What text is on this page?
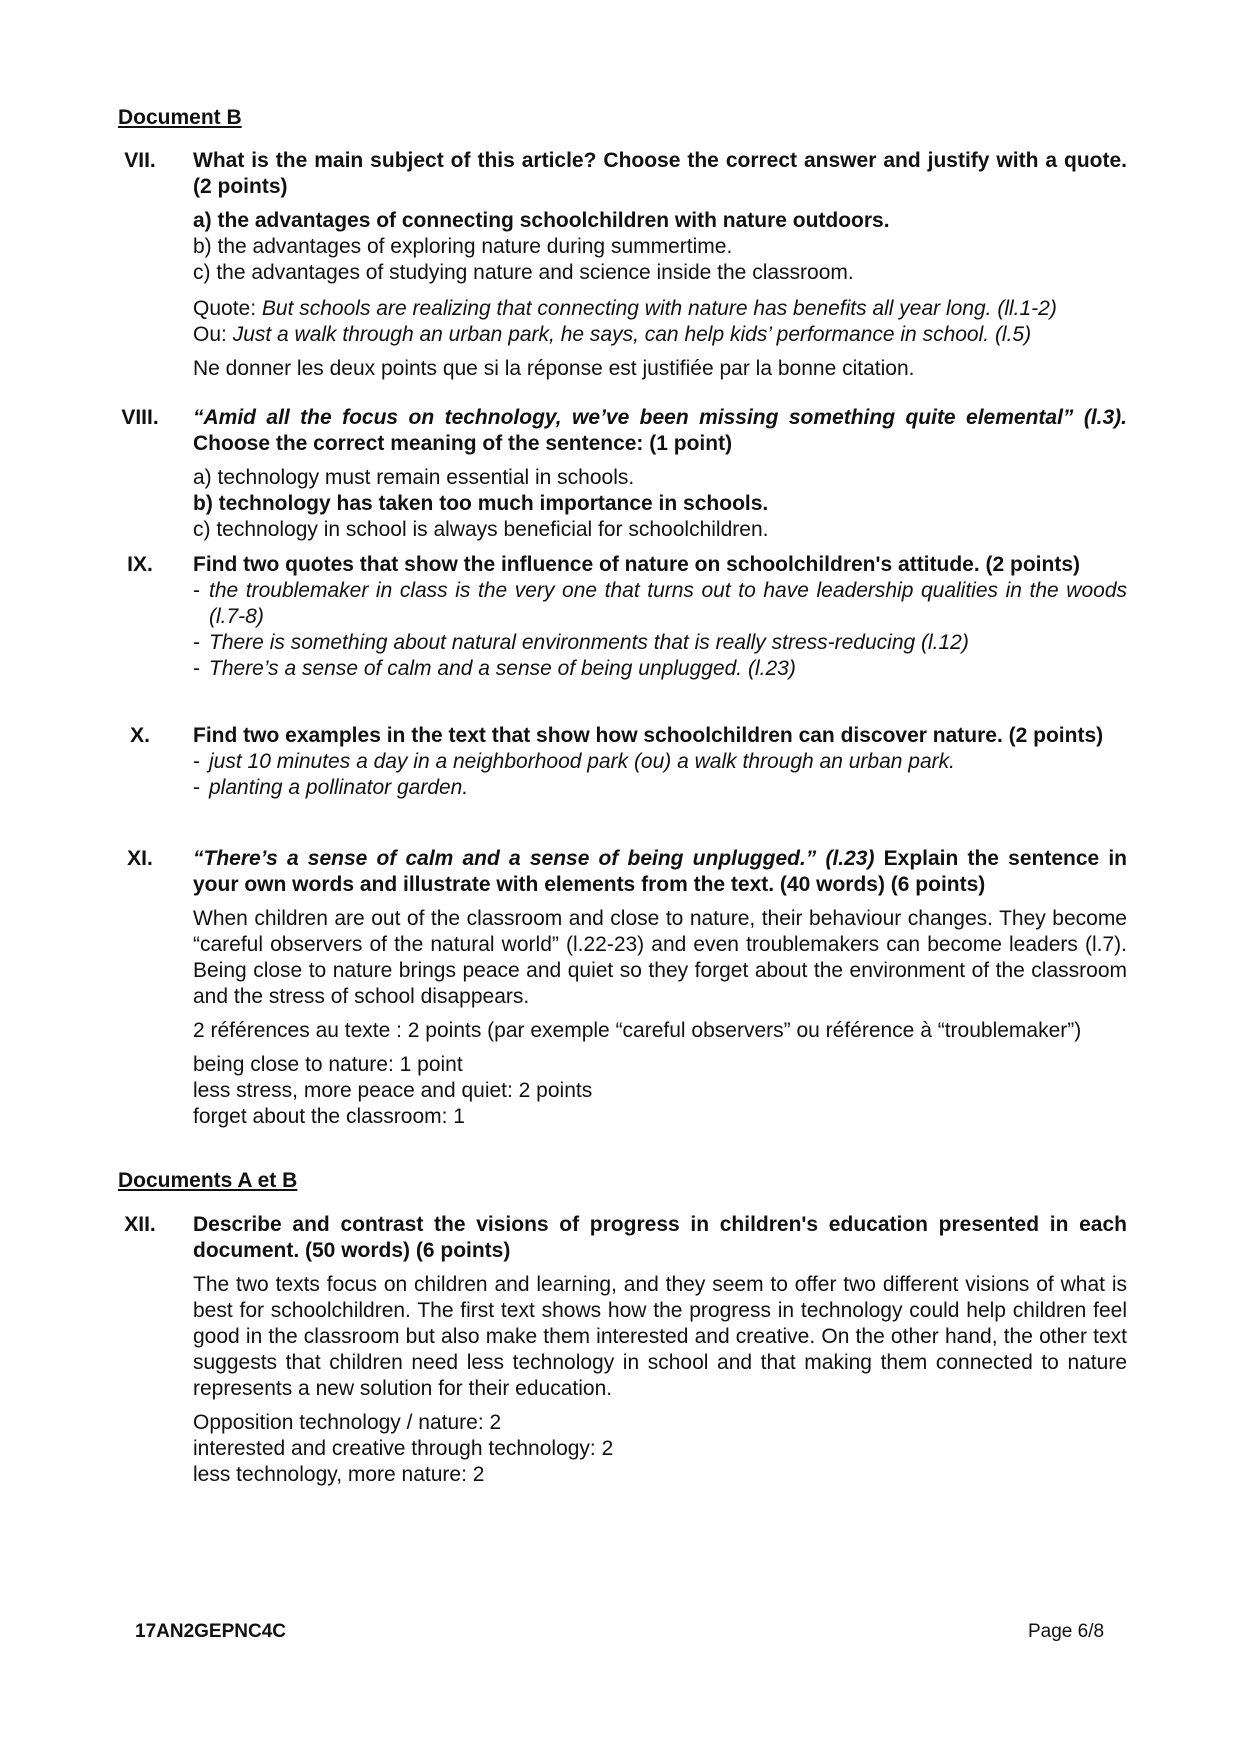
Document B
VII.	What is the main subject of this article? Choose the correct answer and justify with a quote. (2 points)
a) the advantages of connecting schoolchildren with nature outdoors.
b) the advantages of exploring nature during summertime.
c) the advantages of studying nature and science inside the classroom.
Quote: But schools are realizing that connecting with nature has benefits all year long. (ll.1-2)
Ou: Just a walk through an urban park, he says, can help kids’ performance in school. (l.5)
Ne donner les deux points que si la réponse est justifiée par la bonne citation.
VIII.	“Amid all the focus on technology, we’ve been missing something quite elemental” (l.3). Choose the correct meaning of the sentence: (1 point)
a) technology must remain essential in schools.
b) technology has taken too much importance in schools.
c) technology in school is always beneficial for schoolchildren.
IX.	Find two quotes that show the influence of nature on schoolchildren's attitude. (2 points)
- the troublemaker in class is the very one that turns out to have leadership qualities in the woods (l.7-8)
- There is something about natural environments that is really stress-reducing (l.12)
- There’s a sense of calm and a sense of being unplugged. (l.23)
X.	Find two examples in the text that show how schoolchildren can discover nature. (2 points)
- just 10 minutes a day in a neighborhood park (ou) a walk through an urban park.
- planting a pollinator garden.
XI.	“There’s a sense of calm and a sense of being unplugged.” (l.23) Explain the sentence in your own words and illustrate with elements from the text. (40 words) (6 points)
When children are out of the classroom and close to nature, their behaviour changes. They become “careful observers of the natural world” (l.22-23) and even troublemakers can become leaders (l.7). Being close to nature brings peace and quiet so they forget about the environment of the classroom and the stress of school disappears.
2 références au texte : 2 points (par exemple “careful observers” ou référence à “troublemaker”)
being close to nature: 1 point
less stress, more peace and quiet: 2 points
forget about the classroom: 1
Documents A et B
XII.	Describe and contrast the visions of progress in children's education presented in each document. (50 words) (6 points)
The two texts focus on children and learning, and they seem to offer two different visions of what is best for schoolchildren. The first text shows how the progress in technology could help children feel good in the classroom but also make them interested and creative. On the other hand, the other text suggests that children need less technology in school and that making them connected to nature represents a new solution for their education.
Opposition technology / nature: 2
interested and creative through technology: 2
less technology, more nature: 2
17AN2GEPNC4C	Page 6/8
